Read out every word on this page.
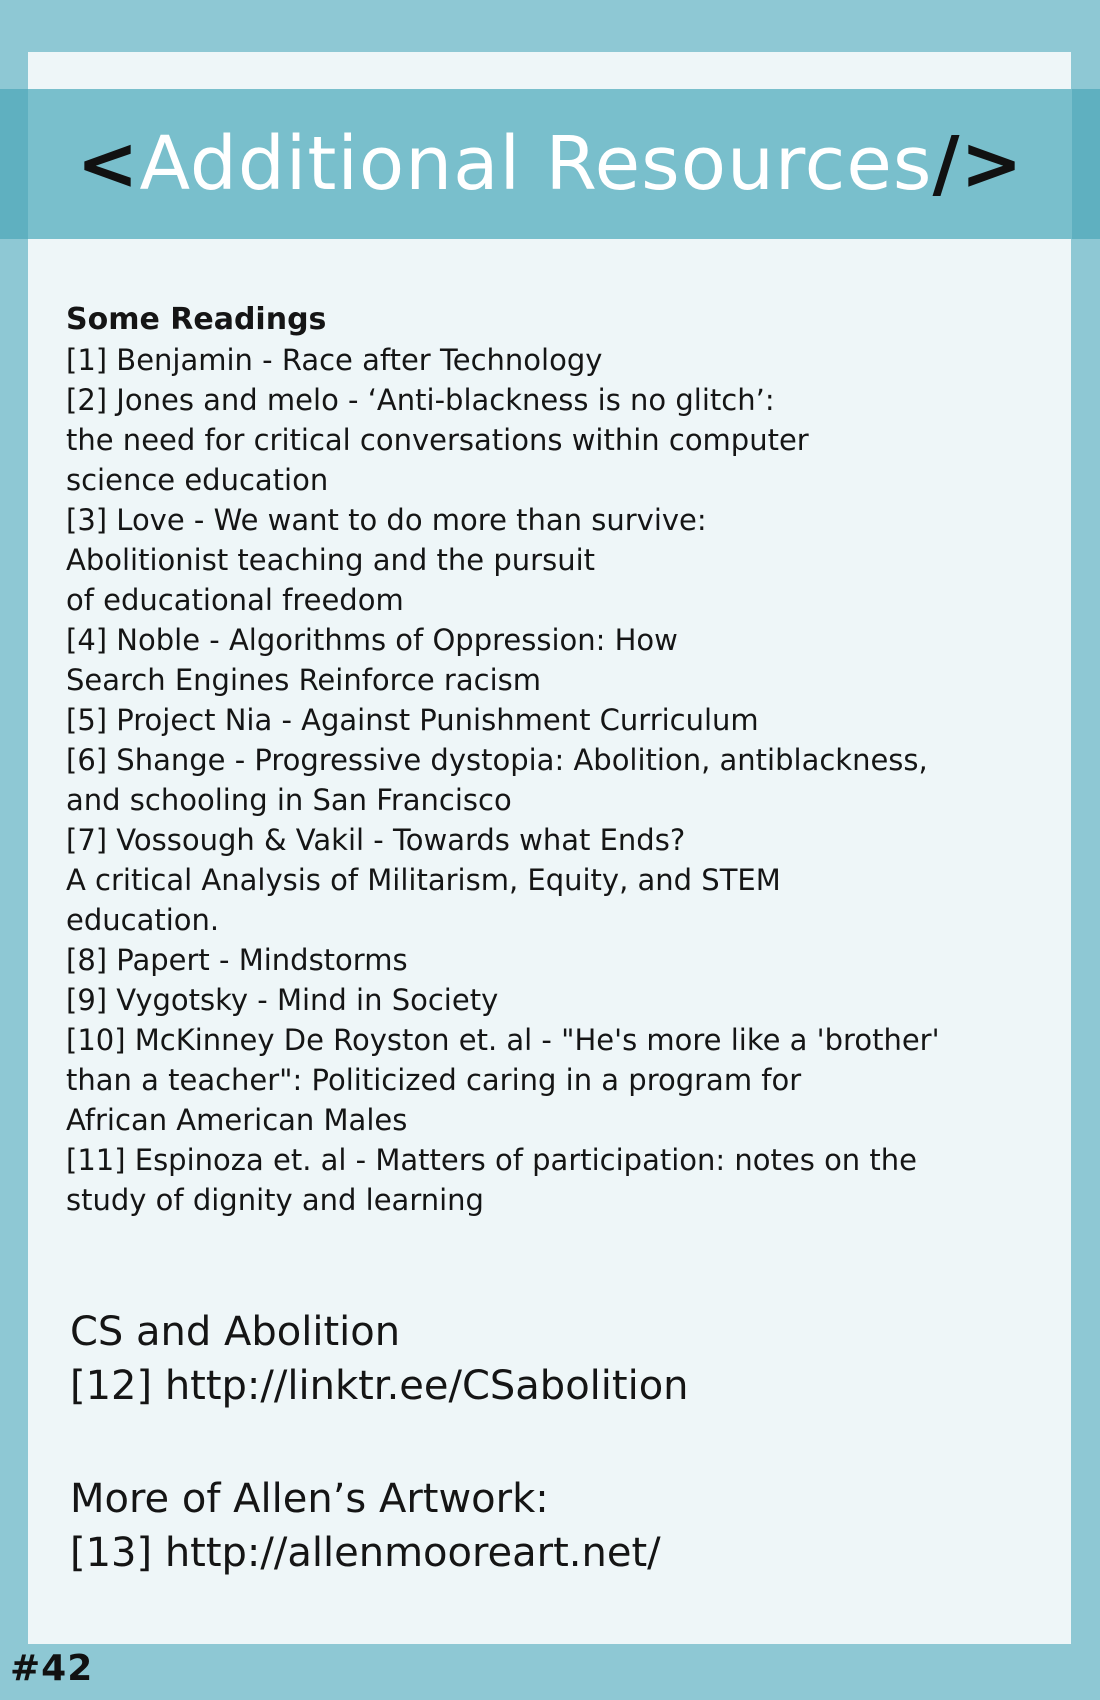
< Additional Resources />

Some Readings

[1] Benjamin - Race after Technology

[2] Jones and melo - ‘Anti-blackness is no glitch’:

the need for critical conversations within computer

science education

[3] Love - We want to do more than survive:

Abolitionist teaching and the pursuit

of educational freedom

[4] Noble - Algorithms of Oppression: How

Search Engines Reinforce racism

[5] Project Nia - Against Punishment Curriculum

[6] Shange - Progressive dystopia: Abolition, antiblackness,

and schooling in San Francisco

[7] Vossough & Vakil - Towards what Ends?

A critical Analysis of Militarism, Equity, and STEM

education.

[8] Papert - Mindstorms

[9] Vygotsky - Mind in Society

[10] McKinney De Royston et. al - "He's more like a 'brother'

than a teacher": Politicized caring in a program for

African American Males

[11] Espinoza et. al - Matters of participation: notes on the

study of dignity and learning

CS and Abolition

[12] http://linktr.ee/CSabolition

More of Allen’s Artwork:

[13] http://allenmooreart.net/

#42
